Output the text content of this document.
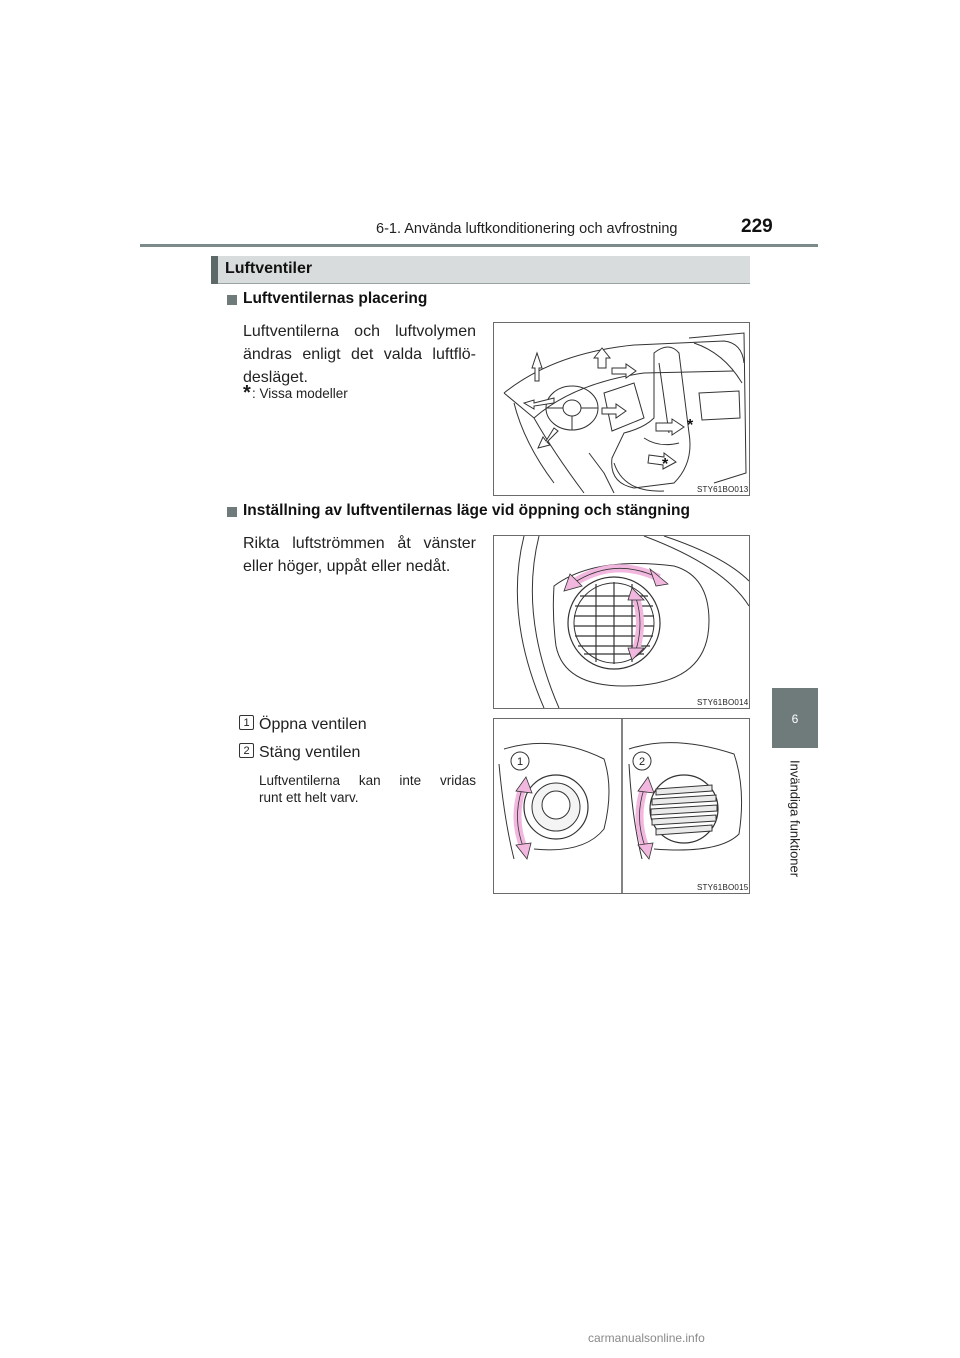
6-1. Använda luftkonditionering och avfrostning	229
6
Invändiga funktioner
Luftventiler
Luftventilernas placering
Luftventilerna och luftvolymen
ändras enligt det valda luftflö-
desläget.
* : Vissa modeller
*
*
STY61BO013
Inställning av luftventilernas läge vid öppning och stängning
Rikta luftströmmen åt vänster
eller höger, uppåt eller nedåt.
STY61BO014
1 Öppna ventilen
2 Stäng ventilen
Luftventilerna kan inte vridas
runt ett helt varv.
1	2
STY61BO015
carmanualsonline.info
